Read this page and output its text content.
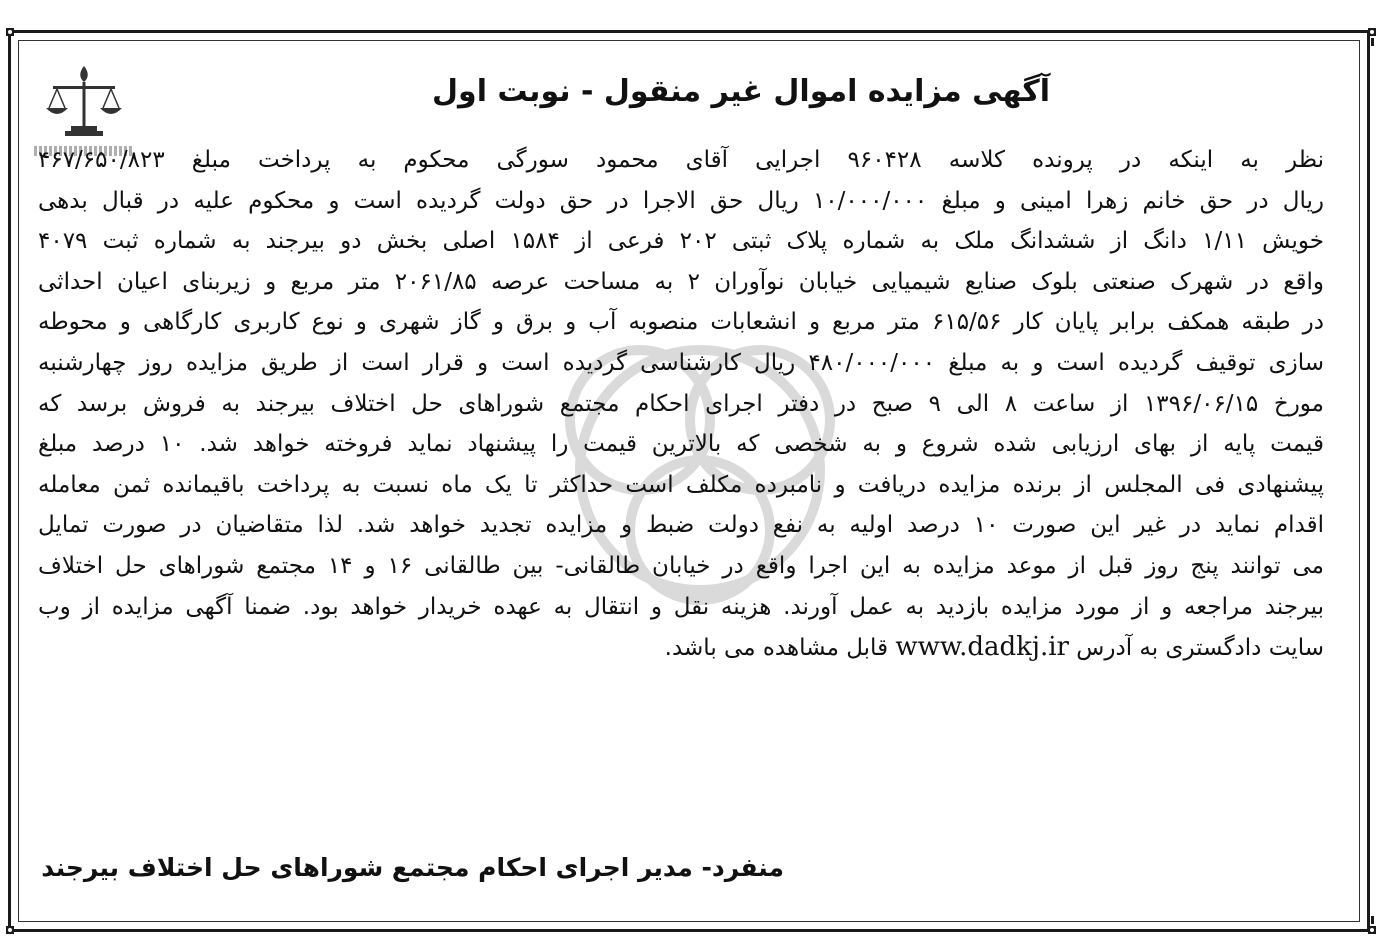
آگهی مزایده اموال غیر منقول - نوبت اول
نظر به اینکه در پرونده کلاسه ۹۶۰۴۲۸ اجرایی آقای محمود سورگی محکوم به پرداخت مبلغ ۴۶۷/۶۵۰/۸۲۳
ریال در حق خانم زهرا امینی و مبلغ ۱۰/۰۰۰/۰۰۰ ریال حق الاجرا در حق دولت گردیده است و محکوم علیه در قبال بدهی
خویش ۱/۱۱ دانگ از ششدانگ ملک به شماره پلاک ثبتی ۲۰۲ فرعی از ۱۵۸۴ اصلی بخش دو بیرجند به شماره ثبت ۴۰۷۹
واقع در شهرک صنعتی بلوک صنایع شیمیایی خیابان نوآوران ۲ به مساحت عرصه ۲۰۶۱/۸۵ متر مربع و زیربنای اعیان احداثی
در طبقه همکف برابر پایان کار ۶۱۵/۵۶ متر مربع و انشعابات منصوبه آب و برق و گاز شهری و نوع کاربری کارگاهی و محوطه
سازی توقیف گردیده است و به مبلغ ۴۸۰/۰۰۰/۰۰۰ ریال کارشناسی گردیده است و قرار است از طریق مزایده روز چهارشنبه
مورخ ۱۳۹۶/۰۶/۱۵ از ساعت ۸ الی ۹ صبح در دفتر اجرای احکام مجتمع شوراهای حل اختلاف بیرجند به فروش برسد که
قیمت پایه از بهای ارزیابی شده شروع و به شخصی که بالاترین قیمت را پیشنهاد نماید فروخته خواهد شد. ۱۰ درصد مبلغ
پیشنهادی فی المجلس از برنده مزایده دریافت و نامبرده مکلف است حداکثر تا یک ماه نسبت به پرداخت باقیمانده ثمن معامله
اقدام نماید در غیر این صورت ۱۰ درصد اولیه به نفع دولت ضبط و مزایده تجدید خواهد شد. لذا متقاضیان در صورت تمایل
می توانند پنج روز قبل از موعد مزایده به این اجرا واقع در خیابان طالقانی- بین طالقانی ۱۶ و ۱۴ مجتمع شوراهای حل اختلاف
بیرجند مراجعه و از مورد مزایده بازدید به عمل آورند. هزینه نقل و انتقال به عهده خریدار خواهد بود. ضمنا آگهی مزایده از وب
سایت دادگستری به آدرس www.dadkj.ir قابل مشاهده می باشد.
منفرد- مدیر اجرای احکام مجتمع شوراهای حل اختلاف بیرجند
